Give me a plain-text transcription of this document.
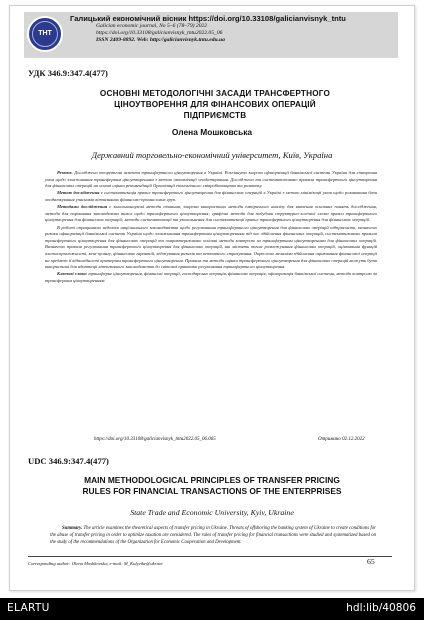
ТНТ
Галицький економічний вісник https://doi.org/10.33108/galicianvisnyk_tntu
Galician economic journal, No 5–6 (78–79) 2022
https://doi.org/10.33108/galicianvisnyk_tntu2022.05_06
ISSN 2409-8892. Web: http://galicianvisnyk.tntu.edu.ua
УДК 346.9:347.4(477)
ОСНОВНІ МЕТОДОЛОГІЧНІ ЗАСАДИ ТРАНСФЕРТНОГО
ЦІНОУТВОРЕННЯ ДЛЯ ФІНАНСОВИХ ОПЕРАЦІЙ
ПІДПРИЄМСТВ
Олена Мошковська
Державний торговельно-економічний університет, Київ, Україна

Резюме. Досліджено теоретичні аспекти трансфертного ціноутворення в Україні. Розглянуто загрози офшоризації банківської системи України для створення умов щодо зловживання трансферним ціноутворенням з метою оптимізації оподаткування. Досліджено та систематизовано правила трансфертного ціноутворення для фінансових операцій на основі оцінки рекомендацій Організації економічного співробітництва та розвитку.

Метою дослідження є систематизація правил трансфертного ціноутворення для фінансових операцій в Україні з метою мінімізації умов щодо розмивання бази оподаткування учасників вітчизняних фінансово-промислових груп.

Методами дослідження є загальнонаукові методи пізнання, зокрема використано методи емпіричного аналізу для вивчення основних понять дослідження, методи для порівняння законодавчих вимог щодо трансфертного ціноутворення; графічні методи для побудови структурно-логічної схеми правил трансфертного ціноутворення для фінансових операцій; методи систематизації та узагальнення для систематизації правил трансфертного ціноутворення для фінансових операцій.

В роботі опрацьовано недоліки національного законодавства щодо регулювання трансфертного ціноутворення для фінансових операцій підприємств, визначено ризики офшоризації банківської системи України щодо зловживання трансфертним ціноутворенням під час здійснення фінансових операцій, систематизовано правила трансфертного ціноутворення для фінансових операцій та охарактеризовано основні методи контролю за трансфертним ціноутворенням для фінансових операцій. Визначено правила регулювання трансфертного ціноутворення для фінансових операцій, які містять точне розмежування фінансових операцій, оцінювання функцій платоспроможності, кеш-пулінгу, фінансових гарантій, хеджування ризиків та кептивного страхування. Окреслено механізм здійснення оцінювання фінансової операції на предмет її відповідності критеріям трансфертного ціноутворення. Правила та методи оцінки трансфертного ціноутворення для фінансових операцій можуть бути використані для адаптації вітчизняного законодавства до світової практики регулювання трансфертного ціноутворення.

Ключові слова: трансферне ціноутворення, фінансові операції, господарська операція, фінансова операція, офшоризація банківської системи, методи контролю за трансферним ціноутворенням.

https://doi.org/10.33108/galicianvisnyk_tntu2022.05_06.065	Отримано 02.12.2022
UDC 346.9:347.4(477)
MAIN METHODOLOGICAL PRINCIPLES OF TRANSFER PRICING
RULES FOR FINANCIAL TRANSACTIONS OF THE ENTERPRISES
State Trade and Economic University, Kyiv, Ukraine
Summary. The article examines the theoretical aspects of transfer pricing in Ukraine. Threats of offshoring the banking system of Ukraine to create conditions for the abuse of transfer pricing in order to optimize taxation are considered. The rules of transfer pricing for financial transactions were studied and systematized based on the study of the recommendations of the Organization for Economic Cooperation and Development.
Corresponding author: Olena Moshkovska; e-mail: M_Kulyeike@ukr.net	65
ELARTU	hdl:lib/40806
